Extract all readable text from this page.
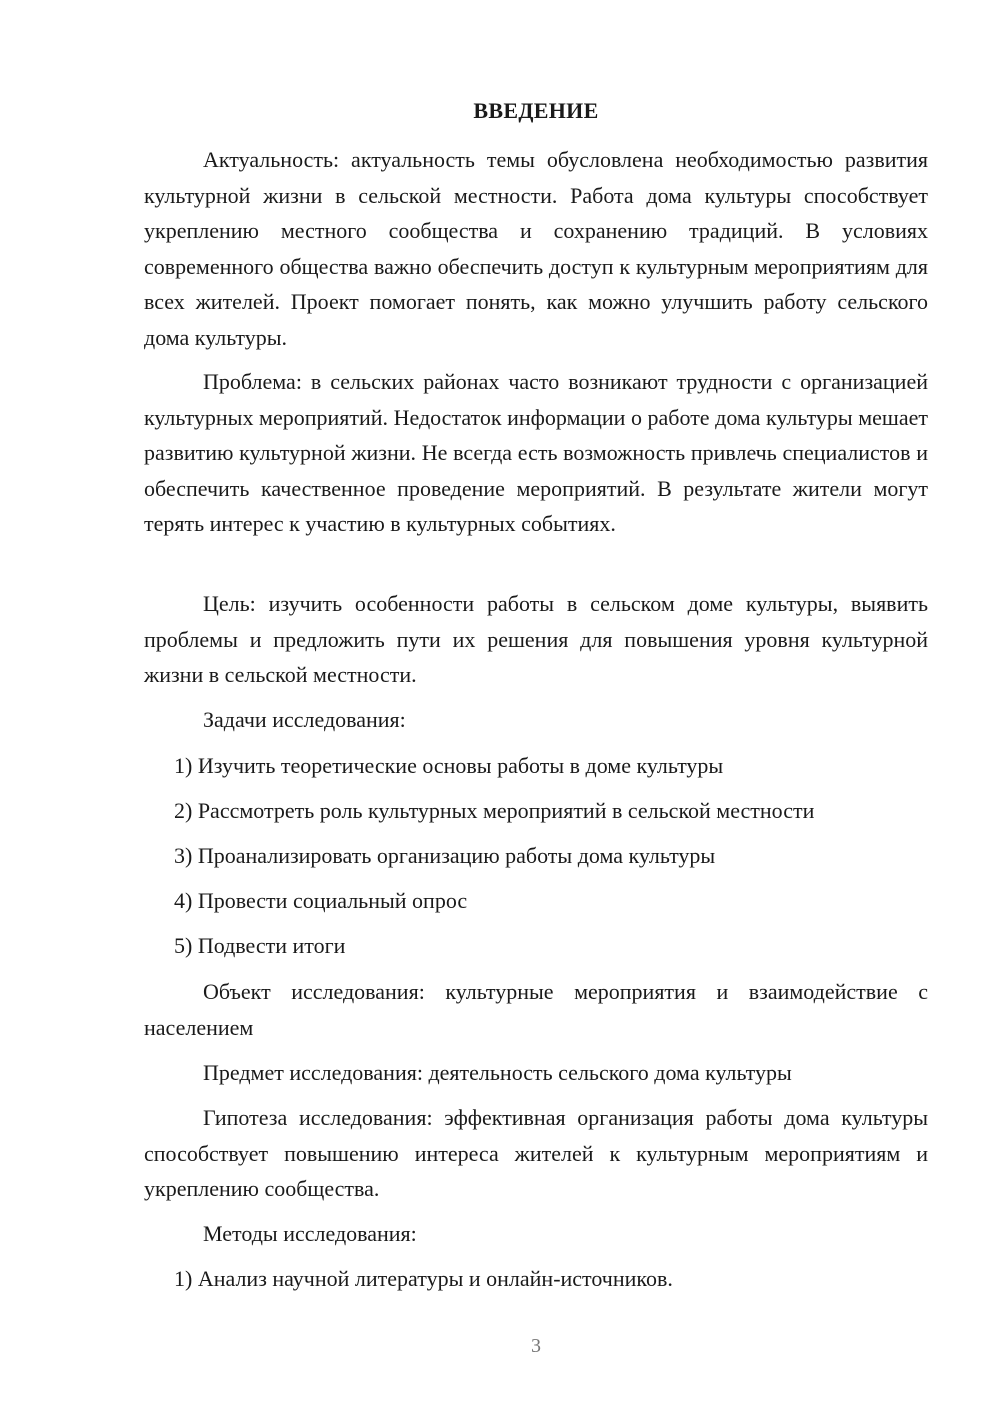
ВВЕДЕНИЕ

Актуальность: актуальность темы обусловлена необходимостью развития культурной жизни в сельской местности. Работа дома культуры способствует укреплению местного сообщества и сохранению традиций. В условиях современного общества важно обеспечить доступ к культурным мероприятиям для всех жителей. Проект помогает понять, как можно улучшить работу сельского дома культуры.

Проблема: в сельских районах часто возникают трудности с организацией культурных мероприятий. Недостаток информации о работе дома культуры мешает развитию культурной жизни. Не всегда есть возможность привлечь специалистов и обеспечить качественное проведение мероприятий. В результате жители могут терять интерес к участию в культурных событиях.

Цель: изучить особенности работы в сельском доме культуры, выявить проблемы и предложить пути их решения для повышения уровня культурной жизни в сельской местности.

Задачи исследования:

1) Изучить теоретические основы работы в доме культуры

2) Рассмотреть роль культурных мероприятий в сельской местности

3) Проанализировать организацию работы дома культуры

4) Провести социальный опрос

5) Подвести итоги

Объект исследования: культурные мероприятия и взаимодействие с населением

Предмет исследования: деятельность сельского дома культуры

Гипотеза исследования: эффективная организация работы дома культуры способствует повышению интереса жителей к культурным мероприятиям и укреплению сообщества.

Методы исследования:

1) Анализ научной литературы и онлайн-источников.

3
